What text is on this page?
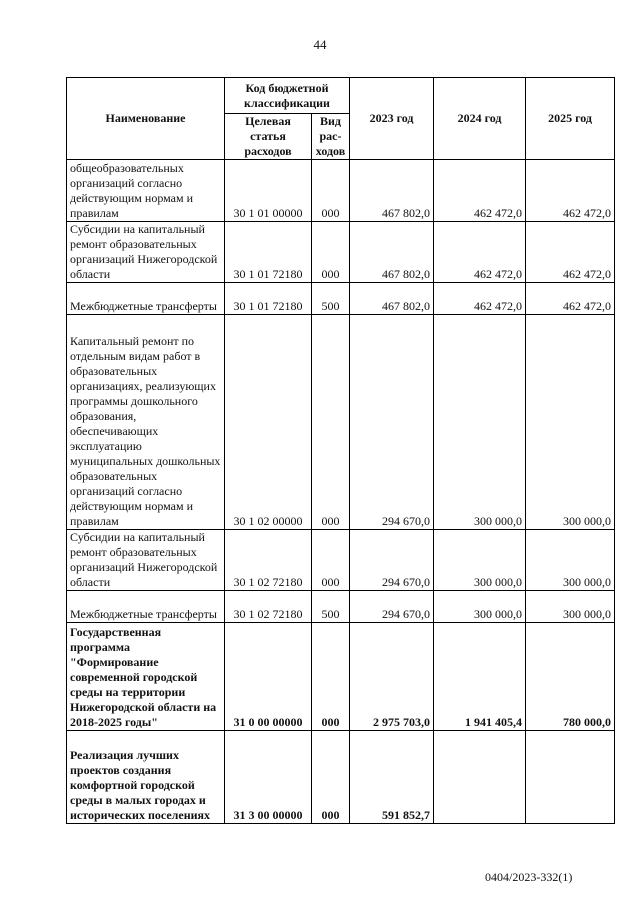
44
Наименование	Код бюджетной классификации		2023 год	2024 год	2025 год
	Целевая статья расходов	Вид рас- ходов			
общеобразовательных организаций согласно действующим нормам и правилам	30 1 01 00000	000	467 802,0	462 472,0	462 472,0
Субсидии на капитальный ремонт образовательных организаций Нижегородской области	30 1 01 72180	000	467 802,0	462 472,0	462 472,0
Межбюджетные трансферты	30 1 01 72180	500	467 802,0	462 472,0	462 472,0
Капитальный ремонт по отдельным видам работ в образовательных организациях, реализующих программы дошкольного образования, обеспечивающих эксплуатацию муниципальных дошкольных образовательных организаций согласно действующим нормам и правилам	30 1 02 00000	000	294 670,0	300 000,0	300 000,0
Субсидии на капитальный ремонт образовательных организаций Нижегородской области	30 1 02 72180	000	294 670,0	300 000,0	300 000,0
Межбюджетные трансферты	30 1 02 72180	500	294 670,0	300 000,0	300 000,0
Государственная программа "Формирование современной городской среды на территории Нижегородской области на 2018-2025 годы"	31 0 00 00000	000	2 975 703,0	1 941 405,4	780 000,0
Реализация лучших проектов создания комфортной городской среды в малых городах и исторических поселениях	31 3 00 00000	000	591 852,7		
0404/2023-332(1)
